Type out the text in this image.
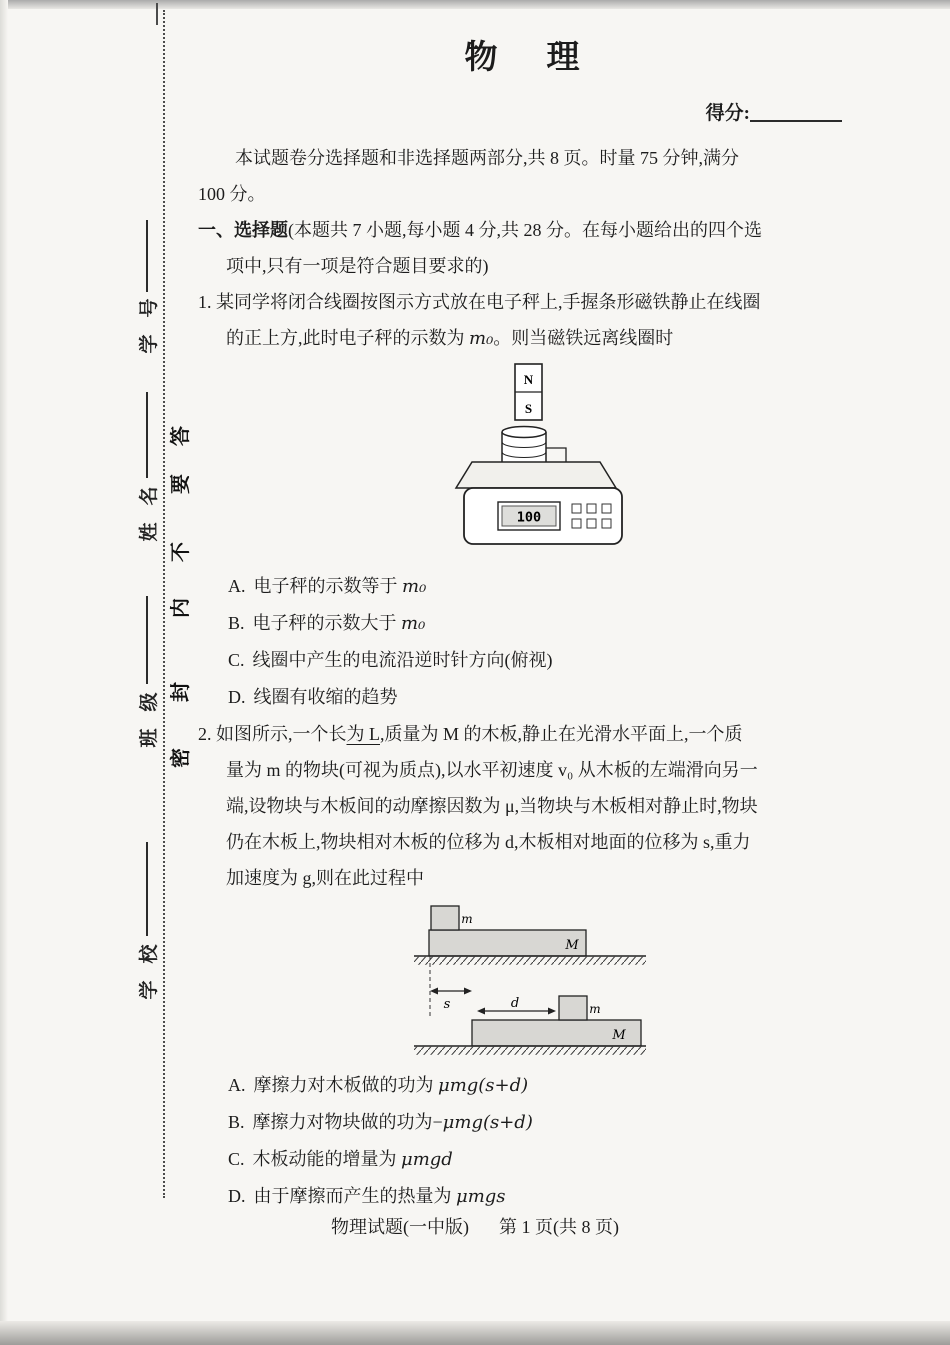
号
学
名
姓
级
班
校
学
答
要
不
内
封
密
物　理
得分:
本试题卷分选择题和非选择题两部分,共 8 页。时量 75 分钟,满分
100 分。
一、选择题(本题共 7 小题,每小题 4 分,共 28 分。在每小题给出的四个选
项中,只有一项是符合题目要求的)
1. 某同学将闭合线圈按图示方式放在电子秤上,手握条形磁铁静止在线圈
的正上方,此时电子秤的示数为 m₀。则当磁铁远离线圈时
N
S
100
A. 电子秤的示数等于 m₀
B. 电子秤的示数大于 m₀
C. 线圈中产生的电流沿逆时针方向(俯视)
D. 线圈有收缩的趋势
2. 如图所示,一个长为 L,质量为 M 的木板,静止在光滑水平面上,一个质
量为 m 的物块(可视为质点),以水平初速度 v₀ 从木板的左端滑向另一
端,设物块与木板间的动摩擦因数为 μ,当物块与木板相对静止时,物块
仍在木板上,物块相对木板的位移为 d,木板相对地面的位移为 s,重力
加速度为 g,则在此过程中
M
m
s	d
M
m
A. 摩擦力对木板做的功为 μmg(s+d)
B. 摩擦力对物块做的功为−μmg(s+d)
C. 木板动能的增量为 μmgd
D. 由于摩擦而产生的热量为 μmgs
物理试题(一中版) 第 1 页(共 8 页)
